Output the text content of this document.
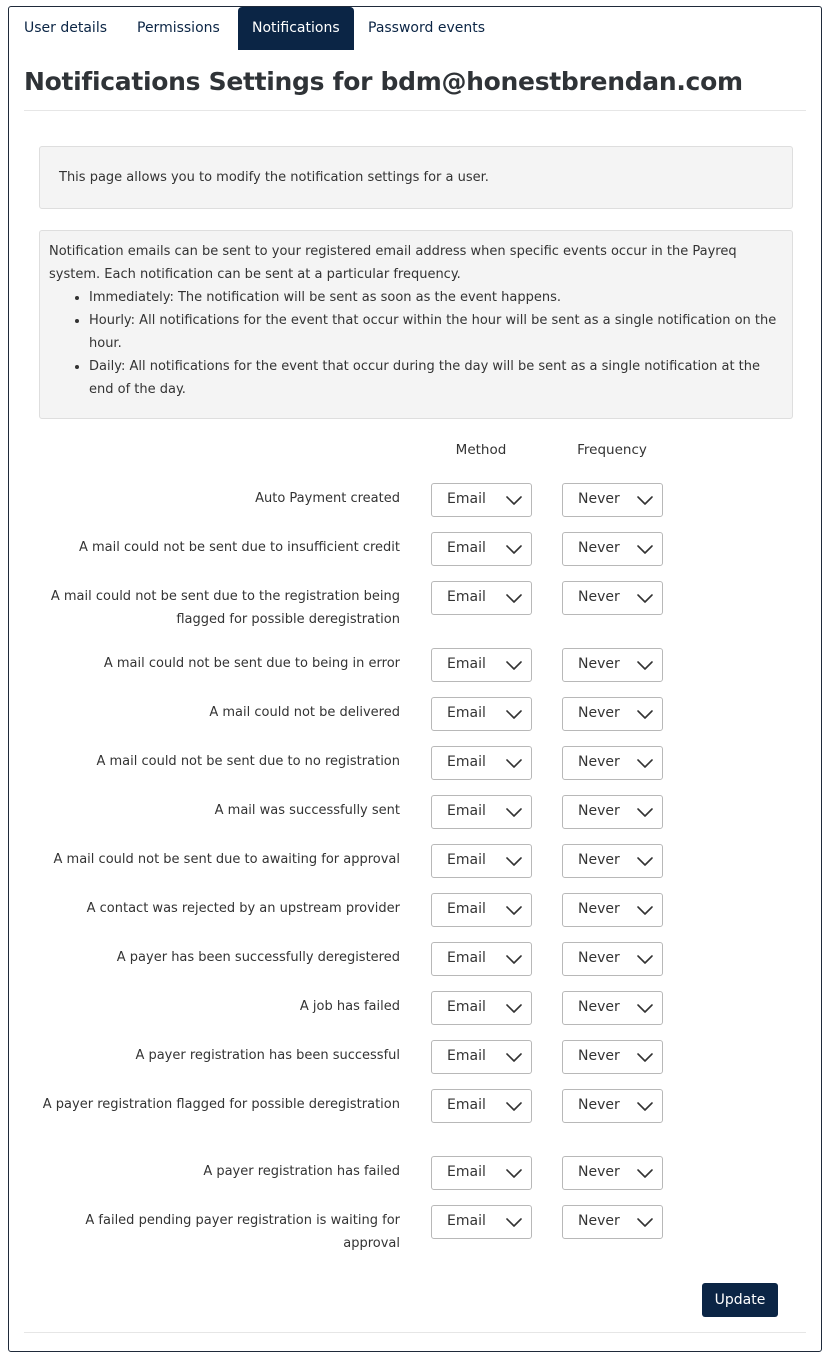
User details	Permissions	Notifications	Password events
Notifications Settings for bdm@honestbrendan.com
This page allows you to modify the notification settings for a user.

Notification emails can be sent to your registered email address when specific events occur in the Payreq system. Each notification can be sent at a particular frequency.

• Immediately: The notification will be sent as soon as the event happens.
• Hourly: All notifications for the event that occur within the hour will be sent as a single notification on the hour.
• Daily: All notifications for the event that occur during the day will be sent as a single notification at the end of the day.
Method	Frequency
Auto Payment created	Email	Never
A mail could not be sent due to insufficient credit	Email	Never
A mail could not be sent due to the registration being flagged for possible deregistration
Email	Never
A mail could not be sent due to being in error	Email	Never
A mail could not be delivered	Email	Never
A mail could not be sent due to no registration	Email	Never
A mail was successfully sent	Email	Never
A mail could not be sent due to awaiting for approval	Email	Never
A contact was rejected by an upstream provider	Email	Never
A payer has been successfully deregistered	Email	Never
A job has failed	Email	Never
A payer registration has been successful	Email	Never
A payer registration flagged for possible deregistration	Email	Never
A payer registration has failed	Email	Never
A failed pending payer registration is waiting for approval
Email	Never
Update
